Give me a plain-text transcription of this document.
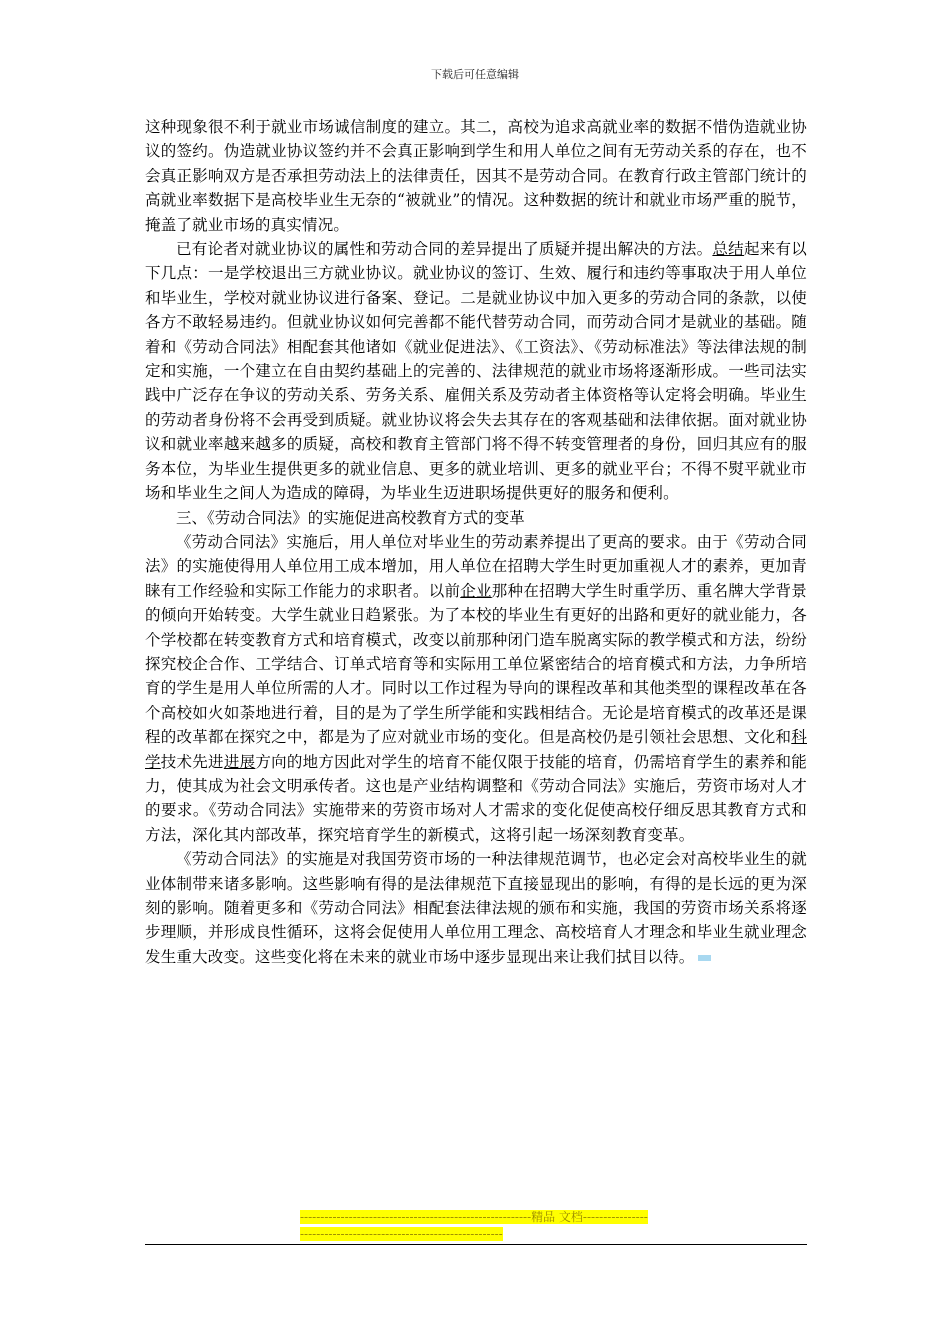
下载后可任意编辑

这种现象很不利于就业市场诚信制度的建立。其二，高校为追求高就业率的数据不惜伪造就业协议的签约。伪造就业协议签约并不会真正影响到学生和用人单位之间有无劳动关系的存在，也不会真正影响双方是否承担劳动法上的法律责任，因其不是劳动合同。在教育行政主管部门统计的高就业率数据下是高校毕业生无奈的“被就业”的情况。这种数据的统计和就业市场严重的脱节，掩盖了就业市场的真实情况。

已有论者对就业协议的属性和劳动合同的差异提出了质疑并提出解决的方法。总结起来有以下几点：一是学校退出三方就业协议。就业协议的签订、生效、履行和违约等事取决于用人单位和毕业生，学校对就业协议进行备案、登记。二是就业协议中加入更多的劳动合同的条款，以使各方不敢轻易违约。但就业协议如何完善都不能代替劳动合同，而劳动合同才是就业的基础。随着和《劳动合同法》相配套其他诸如《就业促进法》、《工资法》、《劳动标准法》等法律法规的制定和实施，一个建立在自由契约基础上的完善的、法律规范的就业市场将逐渐形成。一些司法实践中广泛存在争议的劳动关系、劳务关系、雇佣关系及劳动者主体资格等认定将会明确。毕业生的劳动者身份将不会再受到质疑。就业协议将会失去其存在的客观基础和法律依据。面对就业协议和就业率越来越多的质疑，高校和教育主管部门将不得不转变管理者的身份，回归其应有的服务本位，为毕业生提供更多的就业信息、更多的就业培训、更多的就业平台；不得不熨平就业市场和毕业生之间人为造成的障碍，为毕业生迈进职场提供更好的服务和便利。

三、《劳动合同法》的实施促进高校教育方式的变革

《劳动合同法》实施后，用人单位对毕业生的劳动素养提出了更高的要求。由于《劳动合同法》的实施使得用人单位用工成本增加，用人单位在招聘大学生时更加重视人才的素养，更加青睐有工作经验和实际工作能力的求职者。以前企业那种在招聘大学生时重学历、重名牌大学背景的倾向开始转变。大学生就业日趋紧张。为了本校的毕业生有更好的出路和更好的就业能力，各个学校都在转变教育方式和培育模式，改变以前那种闭门造车脱离实际的教学模式和方法，纷纷探究校企合作、工学结合、订单式培育等和实际用工单位紧密结合的培育模式和方法，力争所培育的学生是用人单位所需的人才。同时以工作过程为导向的课程改革和其他类型的课程改革在各个高校如火如荼地进行着，目的是为了学生所学能和实践相结合。无论是培育模式的改革还是课程的改革都在探究之中，都是为了应对就业市场的变化。但是高校仍是引领社会思想、文化和科学技术先进进展方向的地方因此对学生的培育不能仅限于技能的培育，仍需培育学生的素养和能力，使其成为社会文明承传者。这也是产业结构调整和《劳动合同法》实施后，劳资市场对人才的要求。《劳动合同法》实施带来的劳资市场对人才需求的变化促使高校仔细反思其教育方式和方法，深化其内部改革，探究培育学生的新模式，这将引起一场深刻教育变革。

《劳动合同法》的实施是对我国劳资市场的一种法律规范调节，也必定会对高校毕业生的就业体制带来诸多影响。这些影响有得的是法律规范下直接显现出的影响，有得的是长远的更为深刻的影响。随着更多和《劳动合同法》相配套法律法规的颁布和实施，我国的劳资市场关系将逐步理顺，并形成良性循环，这将会促使用人单位用工理念、高校培育人才理念和毕业生就业理念发生重大改变。这些变化将在未来的就业市场中逐步显现出来让我们拭目以待。

---------------------------------------------------------精品 文档------------------------------------------------------------------
